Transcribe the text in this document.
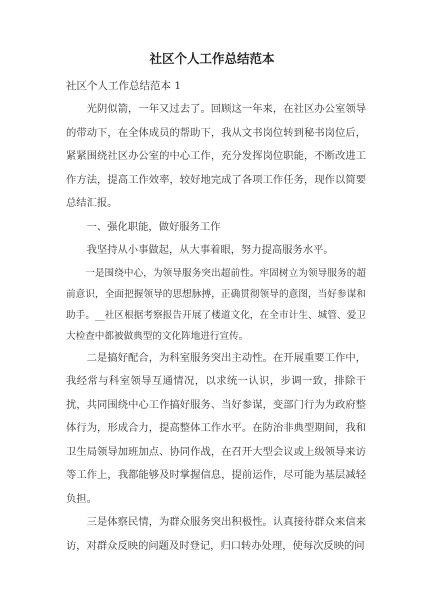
社区个人工作总结范本
社区个人工作总结范本 1

光阴似箭，一年又过去了。回顾这一年来，在社区办公室领导的带动下，在全体成员的帮助下，我从文书岗位转到秘书岗位后，紧紧围绕社区办公室的中心工作，充分发挥岗位职能，不断改进工作方法，提高工作效率，较好地完成了各项工作任务，现作以简要总结汇报。

一、强化职能，做好服务工作

我坚持从小事做起，从大事着眼，努力提高服务水平。

一是围绕中心，为领导服务突出超前性。牢固树立为领导服务的超前意识，全面把握领导的思想脉搏，正确贯彻领导的意图，当好参谋和助手。__社区根据考察报告开展了楼道文化，在全市计生、城管、爱卫大检查中都被做典型的文化阵地进行宣传。

二是搞好配合，为科室服务突出主动性。在开展重要工作中，我经常与科室领导互通情况，以求统一认识，步调一致，排除干扰，共同围绕中心工作搞好服务、当好参谋，变部门行为为政府整体行为，形成合力，提高整体工作水平。在防治非典型期间，我和卫生局领导加班加点、协同作战，在召开大型会议或上级领导来访等工作上，我都能够及时掌握信息，提前运作，尽可能为基层减轻负担。

三是体察民情，为群众服务突出积极性。认真接待群众来信来访，对群众反映的问题及时登记，归口转办处理，使每次反映的问
